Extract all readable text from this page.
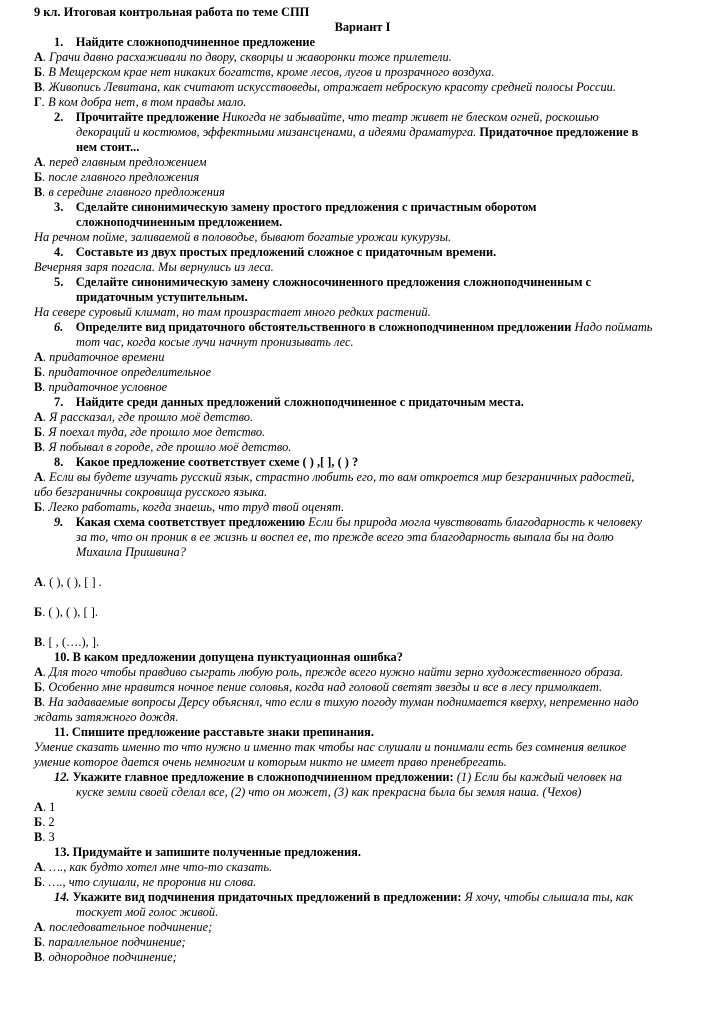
9 кл. Итоговая контрольная работа по теме СПП
Вариант I
1. Найдите сложноподчиненное предложение
А. Грачи давно расхаживали по двору, скворцы и жаворонки тоже прилетели.
Б. В Мещерском крае нет никаких богатств, кроме лесов, лугов и прозрачного воздуха.
В. Живопись Левитана, как считают искусствоведы, отражает неброскую красоту средней полосы России.
Г. В ком добра нет, в том правды мало.
2. Прочитайте предложение Никогда не забывайте, что театр живет не блеском огней, роскошью
декораций и костюмов, эффектными мизансценами, а идеями драматурга. Придаточное предложение в
нем стоит...
А. перед главным предложением
Б. после главного предложения
В. в середине главного предложения
3. Сделайте синонимическую замену простого предложения с причастным оборотом
сложноподчиненным предложением.
На речном пойме, заливаемой в половодье, бывают богатые урожаи кукурузы.
4. Составьте из двух простых предложений сложное с придаточным времени.
Вечерняя заря погасла. Мы вернулись из леса.
5. Сделайте синонимическую замену сложносочиненного предложения сложноподчиненным с
придаточным уступительным.
На севере суровый климат, но там произрастает много редких растений.
6. Определите вид придаточного обстоятельственного в сложноподчиненном предложении Надо поймать
тот час, когда косые лучи начнут пронизывать лес.
А. придаточное времени
Б. придаточное определительное
В. придаточное условное
7. Найдите среди данных предложений сложноподчиненное с придаточным места.
А. Я рассказал, где прошло моё детство.
Б. Я поехал туда, где прошло мое детство.
В. Я побывал в городе, где прошло моё детство.
8. Какое предложение соответствует схеме ( ) ,[ ], ( ) ?
А. Если вы будете изучать русский язык, страстно любить его, то вам откроется мир безграничных радостей,
ибо безграничны сокровища русского языка.
Б. Легко работать, когда знаешь, что труд твой оценят.
9. Какая схема соответствует предложению Если бы природа могла чувствовать благодарность к человеку
за то, что он проник в ее жизнь и воспел ее, то прежде всего эта благодарность выпала бы на долю
Михаила Пришвина?
А. ( ), ( ), [ ] .
Б. ( ), ( ), [ ].
В. [ , (….), ].
10. В каком предложении допущена пунктуационная ошибка?
А. Для того чтобы правдиво сыграть любую роль, прежде всего нужно найти зерно художественного образа.
Б. Особенно мне нравится ночное пение соловья, когда над головой светят звезды и все в лесу примолкает.
В. На задаваемые вопросы Дерсу объяснял, что если в тихую погоду туман поднимается кверху, непременно надо
ждать затяжного дождя.
11. Спишите предложение расставьте знаки препинания.
Умение сказать именно то что нужно и именно так чтобы нас слушали и понимали есть без сомнения великое
умение которое дается очень немногим и которым никто не имеет право пренебрегать.
12. Укажите главное предложение в сложноподчиненном предложении: (1) Если бы каждый человек на
куске земли своей сделал все, (2) что он может, (3) как прекрасна была бы земля наша. (Чехов)
А. 1
Б. 2
В. 3
13. Придумайте и запишите полученные предложения.
А. …., как будто хотел мне что-то сказать.
Б. …., что слушали, не проронив ни слова.
14. Укажите вид подчинения придаточных предложений в предложении: Я хочу, чтобы слышала ты, как
тоскует мой голос живой.
А. последовательное подчинение;
Б. параллельное подчинение;
В. однородное подчинение;
